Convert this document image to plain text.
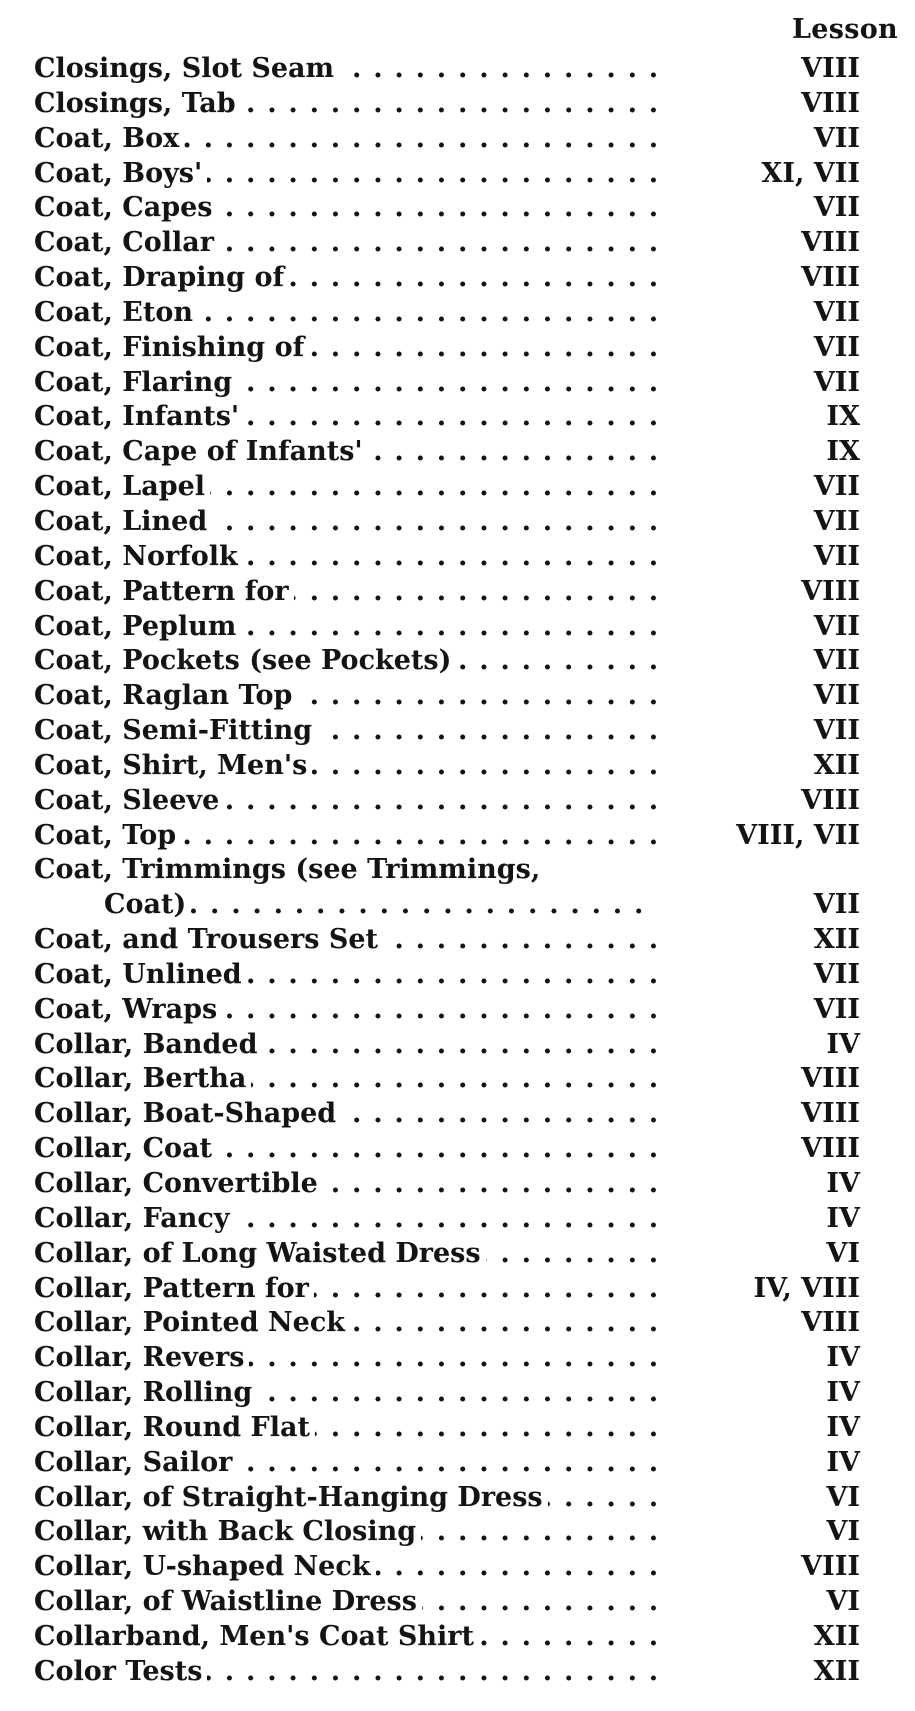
Lesson
Closings, Slot Seam . . .	VIII
Closings, Tab . . .	VIII
Coat, Box . . .	VII
Coat, Boys' . . .	XI, VII
Coat, Capes . . .	VII
Coat, Collar . . .	VIII
Coat, Draping of . . .	VIII
Coat, Eton . . .	VII
Coat, Finishing of . . .	VII
Coat, Flaring . . .	VII
Coat, Infants' . . .	IX
Coat, Cape of Infants' . . .	IX
Coat, Lapel . . .	VII
Coat, Lined . . .	VII
Coat, Norfolk . . .	VII
Coat, Pattern for . . .	VIII
Coat, Peplum . . .	VII
Coat, Pockets (see Pockets) . . .	VII
Coat, Raglan Top . . .	VII
Coat, Semi-Fitting . . .	VII
Coat, Shirt, Men's . . .	XII
Coat, Sleeve . . .	VIII
Coat, Top . . .	VIII, VII
Coat, Trimmings (see Trimmings,
Coat) . . .	VII
Coat, and Trousers Set . . .	XII
Coat, Unlined . . .	VII
Coat, Wraps . . .	VII
Collar, Banded . . .	IV
Collar, Bertha . . .	VIII
Collar, Boat-Shaped . . .	VIII
Collar, Coat . . .	VIII
Collar, Convertible . . .	IV
Collar, Fancy . . .	IV
Collar, of Long Waisted Dress . . .	VI
Collar, Pattern for . . .	IV, VIII
Collar, Pointed Neck . . .	VIII
Collar, Revers . . .	IV
Collar, Rolling . . .	IV
Collar, Round Flat . . .	IV
Collar, Sailor . . .	IV
Collar, of Straight-Hanging Dress . . .	VI
Collar, with Back Closing . . .	VI
Collar, U-shaped Neck . . .	VIII
Collar, of Waistline Dress . . .	VI
Collarband, Men's Coat Shirt . . .	XII
Color Tests . . .	XII
